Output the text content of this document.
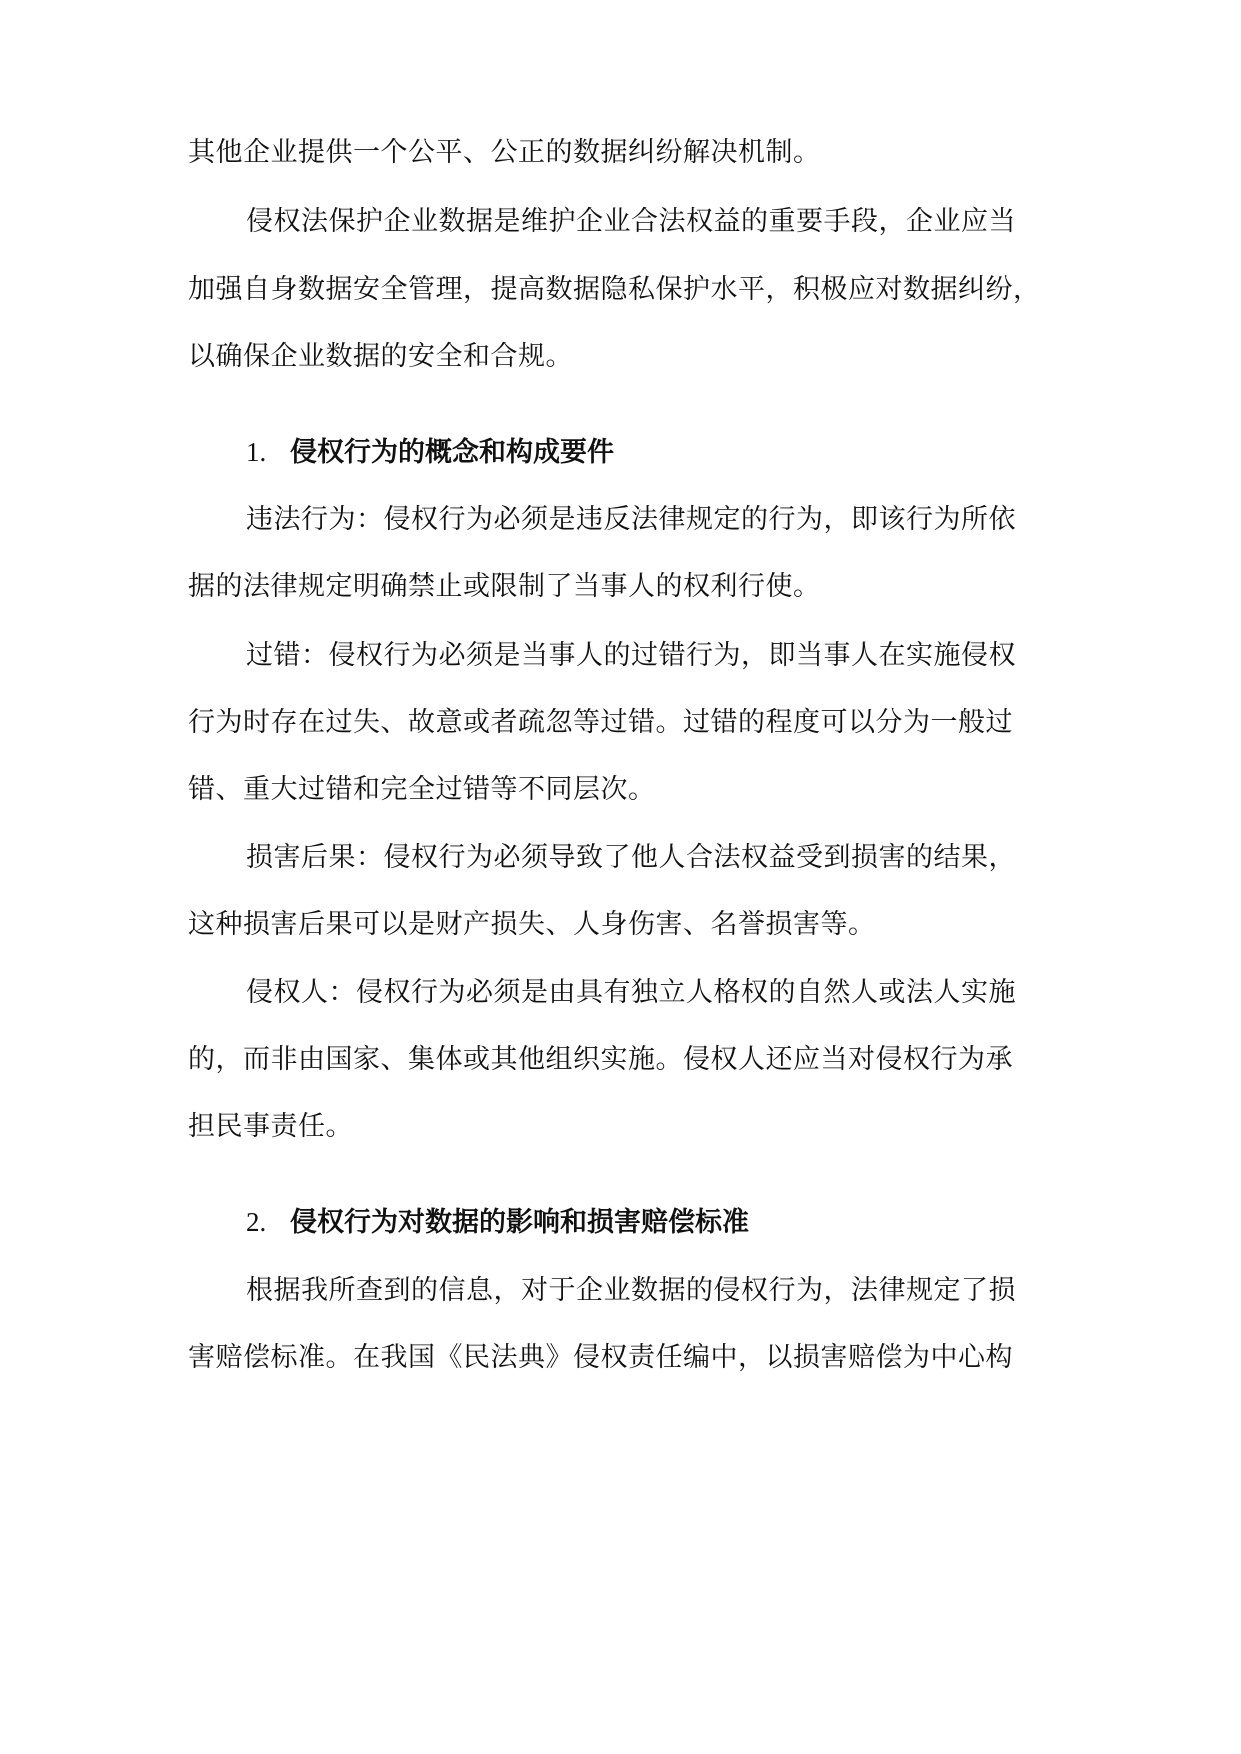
其他企业提供一个公平、公正的数据纠纷解决机制。
侵权法保护企业数据是维护企业合法权益的重要手段，企业应当
加强自身数据安全管理，提高数据隐私保护水平，积极应对数据纠纷，
以确保企业数据的安全和合规。
1. 侵权行为的概念和构成要件
违法行为：侵权行为必须是违反法律规定的行为，即该行为所依
据的法律规定明确禁止或限制了当事人的权利行使。
过错：侵权行为必须是当事人的过错行为，即当事人在实施侵权
行为时存在过失、故意或者疏忽等过错。过错的程度可以分为一般过
错、重大过错和完全过错等不同层次。
损害后果：侵权行为必须导致了他人合法权益受到损害的结果，
这种损害后果可以是财产损失、人身伤害、名誉损害等。
侵权人：侵权行为必须是由具有独立人格权的自然人或法人实施
的，而非由国家、集体或其他组织实施。侵权人还应当对侵权行为承
担民事责任。
2. 侵权行为对数据的影响和损害赔偿标准
根据我所查到的信息，对于企业数据的侵权行为，法律规定了损
害赔偿标准。在我国《民法典》侵权责任编中，以损害赔偿为中心构
